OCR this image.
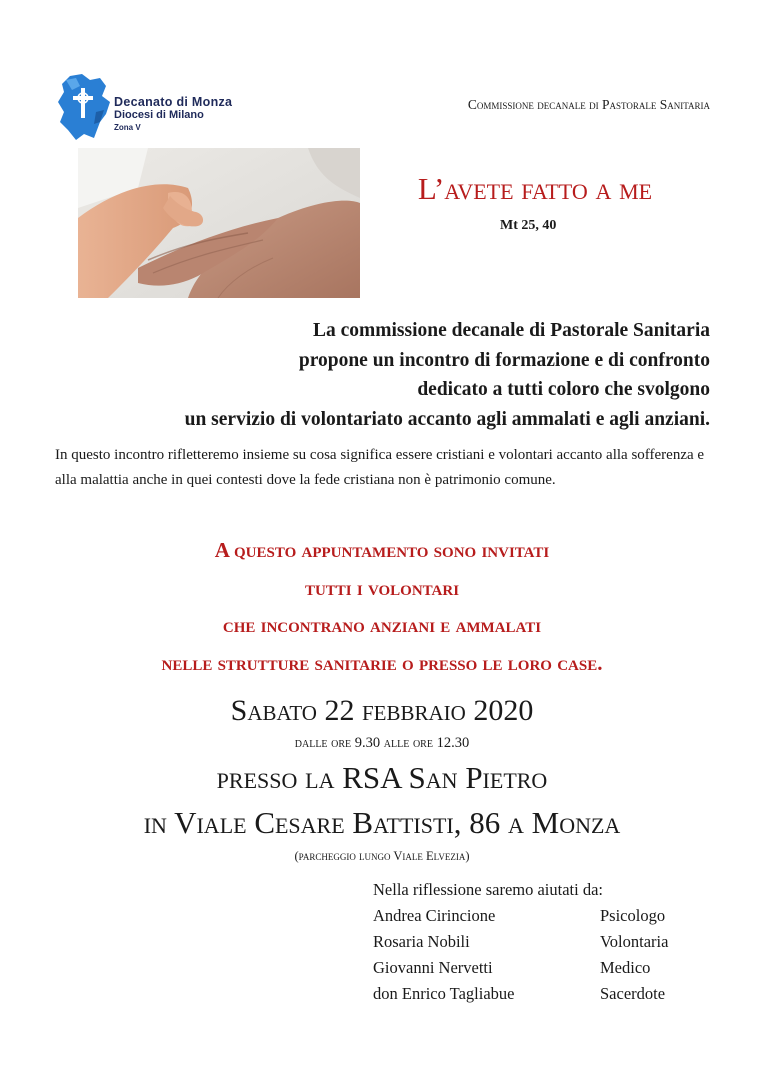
Decanato di Monza
Diocesi di Milano
Zona V
Commissione decanale di Pastorale Sanitaria
L’avete fatto a me
Mt 25, 40
La commissione decanale di Pastorale Sanitaria
propone un incontro di formazione e di confronto
dedicato a tutti coloro che svolgono
un servizio di volontariato accanto agli ammalati e agli anziani.
In questo incontro rifletteremo insieme su cosa significa essere cristiani e volontari accanto alla sofferenza e alla malattia anche in quei contesti dove la fede cristiana non è patrimonio comune.
A questo appuntamento sono invitati
tutti i volontari
che incontrano anziani e ammalati
nelle strutture sanitarie o presso le loro case.
Sabato 22 febbraio 2020
dalle ore 9.30 alle ore 12.30
presso la RSA San Pietro
in Viale Cesare Battisti, 86 a Monza
(parcheggio lungo Viale Elvezia)
Nella riflessione saremo aiutati da:
Andrea Cirincione	Psicologo
Rosaria Nobili	Volontaria
Giovanni Nervetti	Medico
don Enrico Tagliabue	Sacerdote
